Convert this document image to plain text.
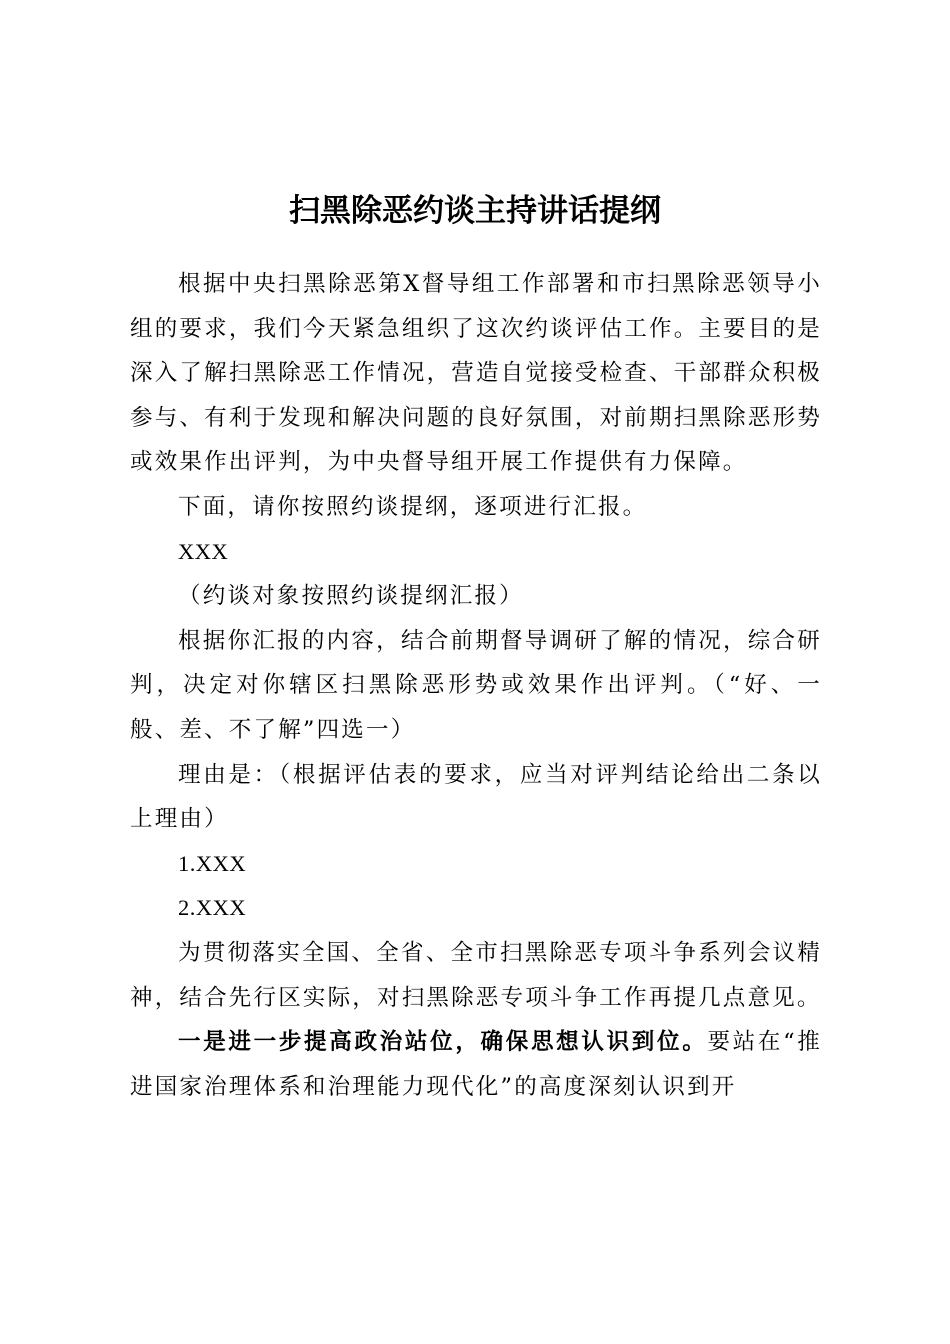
扫黑除恶约谈主持讲话提纲

根据中央扫黑除恶第X督导组工作部署和市扫黑除恶领导小组的要求，我们今天紧急组织了这次约谈评估工作。主要目的是深入了解扫黑除恶工作情况，营造自觉接受检查、干部群众积极参与、有利于发现和解决问题的良好氛围，对前期扫黑除恶形势或效果作出评判，为中央督导组开展工作提供有力保障。

下面，请你按照约谈提纲，逐项进行汇报。

XXX

（约谈对象按照约谈提纲汇报）

根据你汇报的内容，结合前期督导调研了解的情况，综合研判，决定对你辖区扫黑除恶形势或效果作出评判。（“好、一般、差、不了解”四选一）

理由是：（根据评估表的要求，应当对评判结论给出二条以上理由）

1.XXX

2.XXX

为贯彻落实全国、全省、全市扫黑除恶专项斗争系列会议精神，结合先行区实际，对扫黑除恶专项斗争工作再提几点意见。

一是进一步提高政治站位，确保思想认识到位。要站在“推进国家治理体系和治理能力现代化”的高度深刻认识到开
